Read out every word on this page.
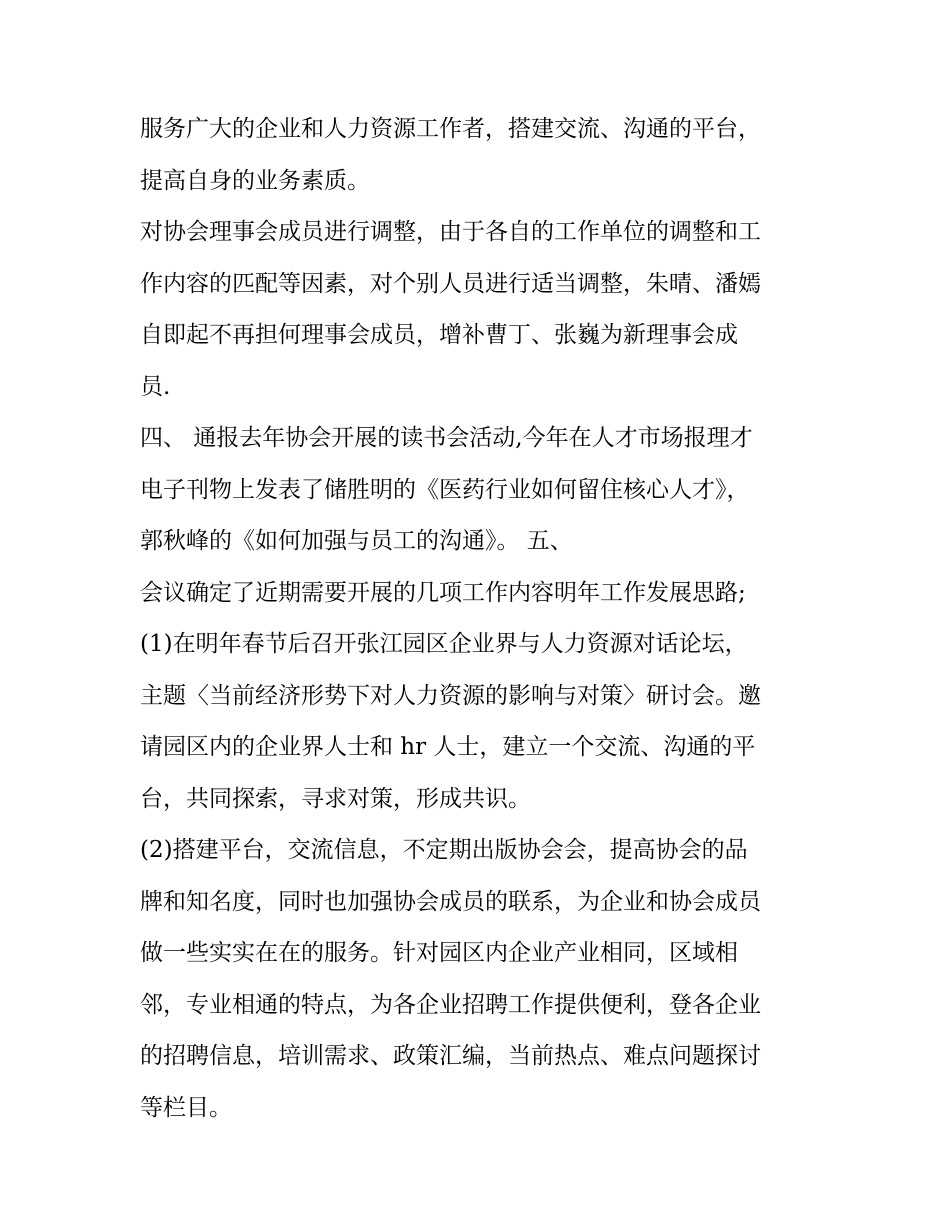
服务广大的企业和人力资源工作者，搭建交流、沟通的平台，
提高自身的业务素质。
对协会理事会成员进行调整，由于各自的工作单位的调整和工
作内容的匹配等因素，对个别人员进行适当调整，朱晴、潘嫣
自即起不再担何理事会成员，增补曹丁、张巍为新理事会成
员.
四、 通报去年协会开展的读书会活动,今年在人才市场报理才
电子刊物上发表了储胜明的《医药行业如何留住核心人才》，
郭秋峰的《如何加强与员工的沟通》。 五、
会议确定了近期需要开展的几项工作内容明年工作发展思路;
(1)在明年春节后召开张江园区企业界与人力资源对话论坛，
主题〈当前经济形势下对人力资源的影响与对策〉研讨会。邀
请园区内的企业界人士和 hr 人士，建立一个交流、沟通的平
台，共同探索，寻求对策，形成共识。
(2)搭建平台，交流信息，不定期出版协会会，提高协会的品
牌和知名度，同时也加强协会成员的联系，为企业和协会成员
做一些实实在在的服务。针对园区内企业产业相同，区域相
邻，专业相通的特点，为各企业招聘工作提供便利，登各企业
的招聘信息，培训需求、政策汇编，当前热点、难点问题探讨
等栏目。
